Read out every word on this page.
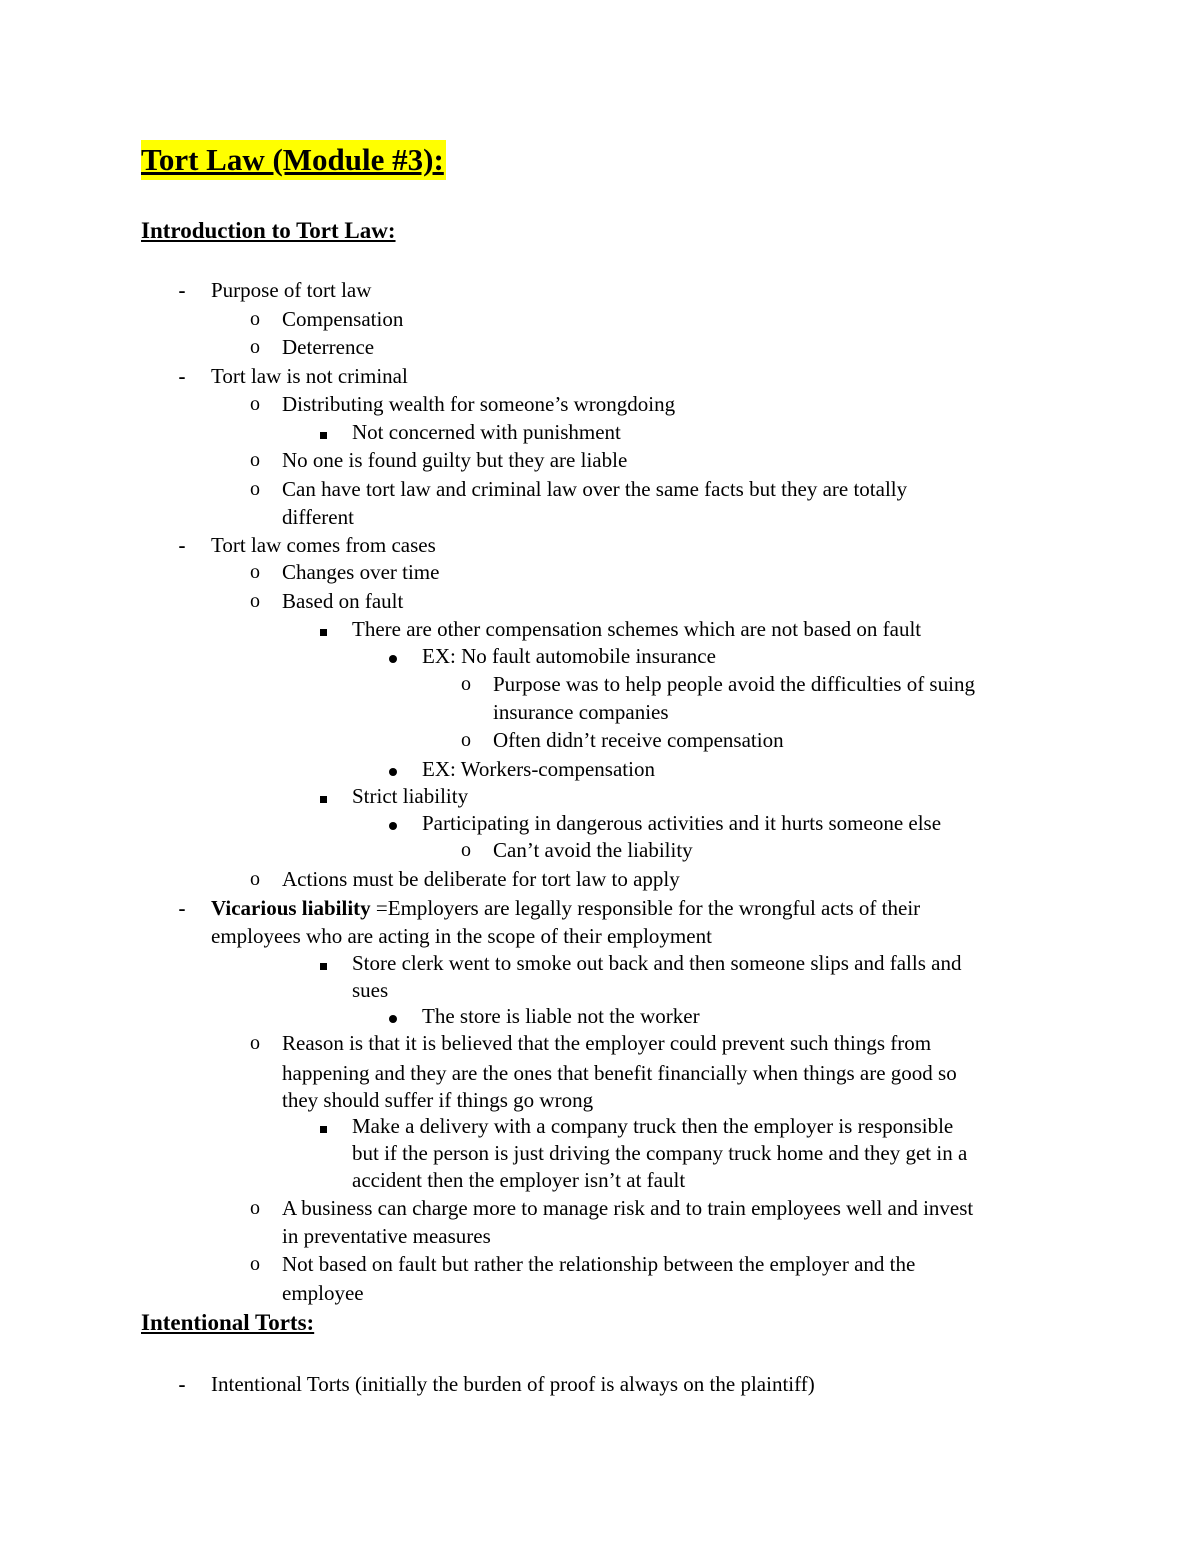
Tort Law (Module #3):
Introduction to Tort Law:
-	Purpose of tort law
o	Compensation
o	Deterrence
-	Tort law is not criminal
o	Distributing wealth for someone’s wrongdoing
Not concerned with punishment
o	No one is found guilty but they are liable
o	Can have tort law and criminal law over the same facts but they are totally
different
-	Tort law comes from cases
o	Changes over time
o	Based on fault
There are other compensation schemes which are not based on fault
EX: No fault automobile insurance
o	Purpose was to help people avoid the difficulties of suing
insurance companies
o	Often didn’t receive compensation
EX: Workers-compensation
Strict liability
Participating in dangerous activities and it hurts someone else
o	Can’t avoid the liability
o	Actions must be deliberate for tort law to apply
-	Vicarious liability =Employers are legally responsible for the wrongful acts of their
employees who are acting in the scope of their employment
Store clerk went to smoke out back and then someone slips and falls and
sues
The store is liable not the worker
o	Reason is that it is believed that the employer could prevent such things from
happening and they are the ones that benefit financially when things are good so
they should suffer if things go wrong
Make a delivery with a company truck then the employer is responsible
but if the person is just driving the company truck home and they get in a
accident then the employer isn’t at fault
o	A business can charge more to manage risk and to train employees well and invest
in preventative measures
o	Not based on fault but rather the relationship between the employer and the
employee
Intentional Torts:
-	Intentional Torts (initially the burden of proof is always on the plaintiff)
